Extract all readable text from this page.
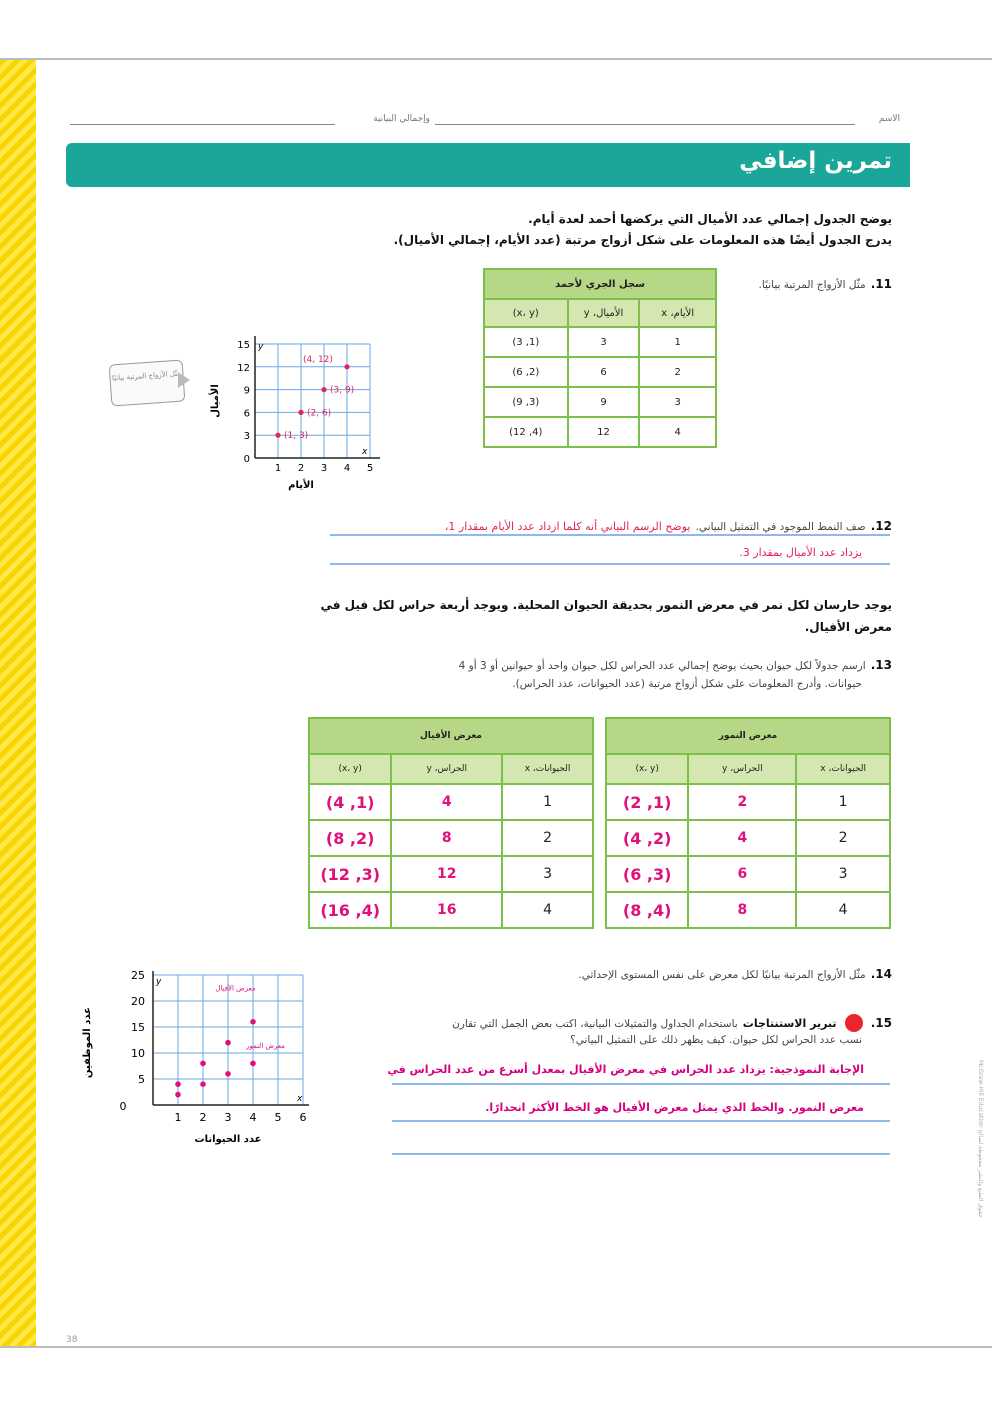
وإجمالي البيانية	الاسم
تمرين إضافي
يوضح الجدول إجمالي عدد الأميال التي يركضها أحمد لعدة أيام.
يدرج الجدول أيضًا هذه المعلومات على شكل أزواج مرتبة (عدد الأيام، إجمالي الأميال).
11. مثّل الأزواج المرتبة بيانيًا.
سجل الجري لأحمد		
الأيام، x	الأميال، y	(x، y)
1	3	(1, 3)
2	6	(2, 6)
3	9	(3, 9)
4	12	(4, 12)
مثّل الأزواج المرتبة بيانيًا
y
x
1 2 3 4 5
0
3
6
9
12
15
(1, 3)
(2, 6)
(3, 9)
(4, 12)
الأيام
الأميال
12. صف النمط الموجود في التمثيل البياني. يوضح الرسم البياني أنه كلما ازداد عدد الأيام بمقدار 1،
يزداد عدد الأميال بمقدار 3.
يوجد حارسان لكل نمر في معرض النمور بحديقة الحيوان المحلية. ويوجد أربعة حراس لكل فيل في
معرض الأفيال.
13. ارسم جدولاً لكل حيوان بحيث يوضح إجمالي عدد الحراس لكل حيوان واحد أو حيوانين أو 3 أو 4
حيوانات. وأدرج المعلومات على شكل أزواج مرتبة (عدد الحيوانات، عدد الحراس).
معرض النمور		
الحيوانات، x	الحراس، y	(x، y)
1	2	(1, 2)
2	4	(2, 4)
3	6	(3, 6)
4	8	(4, 8)
معرض الأفيال		
الحيوانات، x	الحراس، y	(x، y)
1	4	(1, 4)
2	8	(2, 8)
3	12	(3, 12)
4	16	(4, 16)
14. مثّل الأزواج المرتبة بيانيًا لكل معرض على نفس المستوى الإحداثي.
15.  تبرير الاستنتاجات باستخدام الجداول والتمثيلات البيانية، اكتب بعض الجمل التي تقارن
نسب عدد الحراس لكل حيوان. كيف يظهر ذلك على التمثيل البياني؟
الإجابة النموذجية: يزداد عدد الحراس في معرض الأفيال بمعدل أسرع من عدد الحراس في
معرض النمور. والخط الذي يمثل معرض الأفيال هو الخط الأكثر انحدارًا.
y
x
0
1 2 3 4 5 6
5
10
15
20
25
معرض الأفيال
معرض النمور
عدد الحيوانات
عدد الموظفين
McGraw-Hill Education حقوق الطبع والنشر محفوظة لصالح
38
